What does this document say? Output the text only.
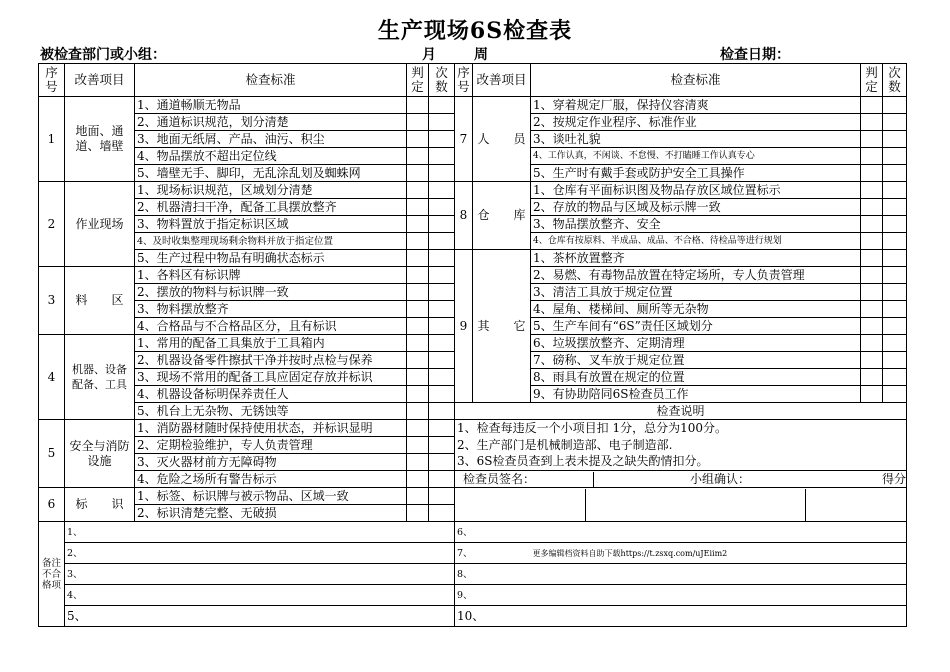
生产现场6S检查表
被检查部门或小组：	月	周	检查日期：
序
号	改善项目	检查标准	判
定	次
数	序
号	改善项目	检查标准	判
定	次
数
1	地面、通道、墙壁	1、通道畅顺无物品			7	人　　员	1、穿着规定厂服，保持仪容清爽		
		2、通道标识规范，划分清楚					2、按规定作业程序、标准作业		
		3、地面无纸屑、产品、油污、积尘					3、谈吐礼貌		
		4、物品摆放不超出定位线					4、工作认真，不闲谈、不怠慢、不打瞌睡工作认真专心		
		5、墙壁无手、脚印，无乱涂乱划及蜘蛛网					5、生产时有戴手套或防护安全工具操作		
2	作业现场	1、现场标识规范，区域划分清楚			8	仓　　库	1、仓库有平面标识图及物品存放区域位置标示		
		2、机器清扫干净，配备工具摆放整齐					2、存放的物品与区域及标示牌一致		
		3、物料置放于指定标识区域					3、物品摆放整齐、安全		
		4、及时收集整理现场剩余物料并放于指定位置					4、仓库有按原料、半成品、成品、不合格、待检品等进行规划		
		5、生产过程中物品有明确状态标示			9	其　　它	1、茶杯放置整齐		
3	料　　区	1、各料区有标识牌					2、易燃、有毒物品放置在特定场所，专人负责管理		
		2、摆放的物料与标识牌一致					3、清洁工具放于规定位置		
		3、物料摆放整齐					4、屋角、楼梯间、厕所等无杂物		
		4、合格品与不合格品区分，且有标识					5、生产车间有“6S”责任区域划分		
4	机器、设备配备、工具	1、常用的配备工具集放于工具箱内					6、垃圾摆放整齐、定期清理		
		2、机器设备零件擦拭干净并按时点检与保养					7、磅称、叉车放于规定位置		
		3、现场不常用的配备工具应固定存放并标识					8、雨具有放置在规定的位置		
		4、机器设备标明保养责任人					9、有协助陪同6S检查员工作		
		5、机台上无杂物、无锈蚀等			检查说明				
5	安全与消防设施	1、消防器材随时保持使用状态，并标识显明			1、检查每违反一个小项目扣 1分，总分为100分。				
		2、定期检验维护，专人负责管理			2、生产部门是机械制造部、电子制造部.				
		3、灭火器材前方无障碍物			3、6S检查员查到上表未提及之缺失酌情扣分。				
		4、危险之场所有警告标示			检查员签名： 小组确认： 得分				

6	标　　识	1、标签、标识牌与被示物品、区域一致							

		2、标识清楚完整、无破损							
备注
不合
格项	1、				6、				
	2、				7、 更多编辑档资料自助下载https://t.zsxq.com/uJEiim2				
	3、				8、				
	4、				9、				
	5、				10、				
